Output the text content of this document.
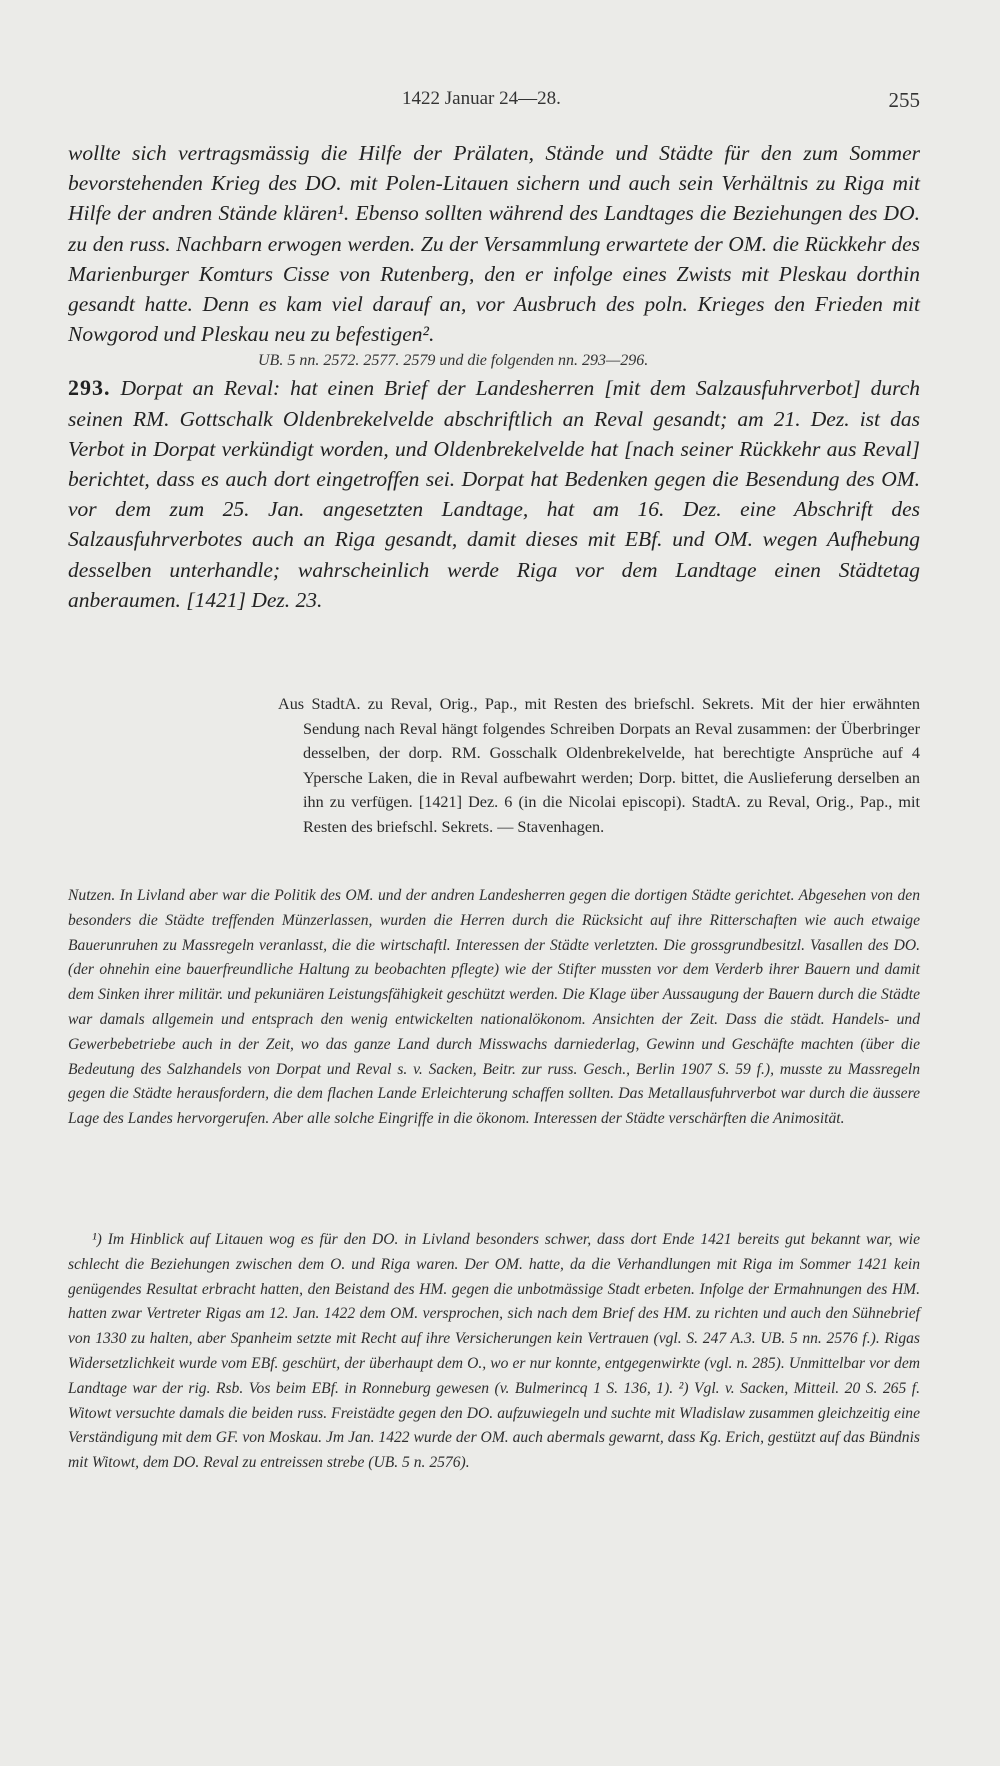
1422 Januar 24—28.	255

wollte sich vertragsmässig die Hilfe der Prälaten, Stände und Städte für den zum Sommer bevorstehenden Krieg des DO. mit Polen-Litauen sichern und auch sein Verhältnis zu Riga mit Hilfe der andren Stände klären¹. Ebenso sollten während des Landtages die Beziehungen des DO. zu den russ. Nachbarn erwogen werden. Zu der Versammlung erwartete der OM. die Rückkehr des Marienburger Komturs Cisse von Rutenberg, den er infolge eines Zwists mit Pleskau dorthin gesandt hatte. Denn es kam viel darauf an, vor Ausbruch des poln. Krieges den Frieden mit Nowgorod und Pleskau neu zu befestigen².

UB. 5 nn. 2572. 2577. 2579 und die folgenden nn. 293—296.

293. Dorpat an Reval: hat einen Brief der Landesherren [mit dem Salzausfuhrverbot] durch seinen RM. Gottschalk Oldenbrekelvelde abschriftlich an Reval gesandt; am 21. Dez. ist das Verbot in Dorpat verkündigt worden, und Oldenbrekelvelde hat [nach seiner Rückkehr aus Reval] berichtet, dass es auch dort eingetroffen sei. Dorpat hat Bedenken gegen die Besendung des OM. vor dem zum 25. Jan. angesetzten Landtage, hat am 16. Dez. eine Abschrift des Salzausfuhrverbotes auch an Riga gesandt, damit dieses mit EBf. und OM. wegen Aufhebung desselben unterhandle; wahrscheinlich werde Riga vor dem Landtage einen Städtetag anberaumen. [1421] Dez. 23.

Aus StadtA. zu Reval, Orig., Pap., mit Resten des briefschl. Sekrets. Mit der hier erwähnten Sendung nach Reval hängt folgendes Schreiben Dorpats an Reval zusammen: der Überbringer desselben, der dorp. RM. Gosschalk Oldenbrekelvelde, hat berechtigte Ansprüche auf 4 Ypersche Laken, die in Reval aufbewahrt werden; Dorp. bittet, die Auslieferung derselben an ihn zu verfügen. [1421] Dez. 6 (in die Nicolai episcopi). StadtA. zu Reval, Orig., Pap., mit Resten des briefschl. Sekrets. — Stavenhagen.

Nutzen. In Livland aber war die Politik des OM. und der andren Landesherren gegen die dortigen Städte gerichtet. Abgesehen von den besonders die Städte treffenden Münzerlassen, wurden die Herren durch die Rücksicht auf ihre Ritterschaften wie auch etwaige Bauerunruhen zu Massregeln veranlasst, die die wirtschaftl. Interessen der Städte verletzten. Die grossgrundbesitzl. Vasallen des DO. (der ohnehin eine bauerfreundliche Haltung zu beobachten pflegte) wie der Stifter mussten vor dem Verderb ihrer Bauern und damit dem Sinken ihrer militär. und pekuniären Leistungsfähigkeit geschützt werden. Die Klage über Aussaugung der Bauern durch die Städte war damals allgemein und entsprach den wenig entwickelten nationalökonom. Ansichten der Zeit. Dass die städt. Handels- und Gewerbebetriebe auch in der Zeit, wo das ganze Land durch Misswachs darniederlag, Gewinn und Geschäfte machten (über die Bedeutung des Salzhandels von Dorpat und Reval s. v. Sacken, Beitr. zur russ. Gesch., Berlin 1907 S. 59 f.), musste zu Massregeln gegen die Städte herausfordern, die dem flachen Lande Erleichterung schaffen sollten. Das Metallausfuhrverbot war durch die äussere Lage des Landes hervorgerufen. Aber alle solche Eingriffe in die ökonom. Interessen der Städte verschärften die Animosität.

¹) Im Hinblick auf Litauen wog es für den DO. in Livland besonders schwer, dass dort Ende 1421 bereits gut bekannt war, wie schlecht die Beziehungen zwischen dem O. und Riga waren. Der OM. hatte, da die Verhandlungen mit Riga im Sommer 1421 kein genügendes Resultat erbracht hatten, den Beistand des HM. gegen die unbotmässige Stadt erbeten. Infolge der Ermahnungen des HM. hatten zwar Vertreter Rigas am 12. Jan. 1422 dem OM. versprochen, sich nach dem Brief des HM. zu richten und auch den Sühnebrief von 1330 zu halten, aber Spanheim setzte mit Recht auf ihre Versicherungen kein Vertrauen (vgl. S. 247 A.3. UB. 5 nn. 2576 f.). Rigas Widersetzlichkeit wurde vom EBf. geschürt, der überhaupt dem O., wo er nur konnte, entgegenwirkte (vgl. n. 285). Unmittelbar vor dem Landtage war der rig. Rsb. Vos beim EBf. in Ronneburg gewesen (v. Bulmerincq 1 S. 136, 1). ²) Vgl. v. Sacken, Mitteil. 20 S. 265 f. Witowt versuchte damals die beiden russ. Freistädte gegen den DO. aufzuwiegeln und suchte mit Wladislaw zusammen gleichzeitig eine Verständigung mit dem GF. von Moskau. Jm Jan. 1422 wurde der OM. auch abermals gewarnt, dass Kg. Erich, gestützt auf das Bündnis mit Witowt, dem DO. Reval zu entreissen strebe (UB. 5 n. 2576).
